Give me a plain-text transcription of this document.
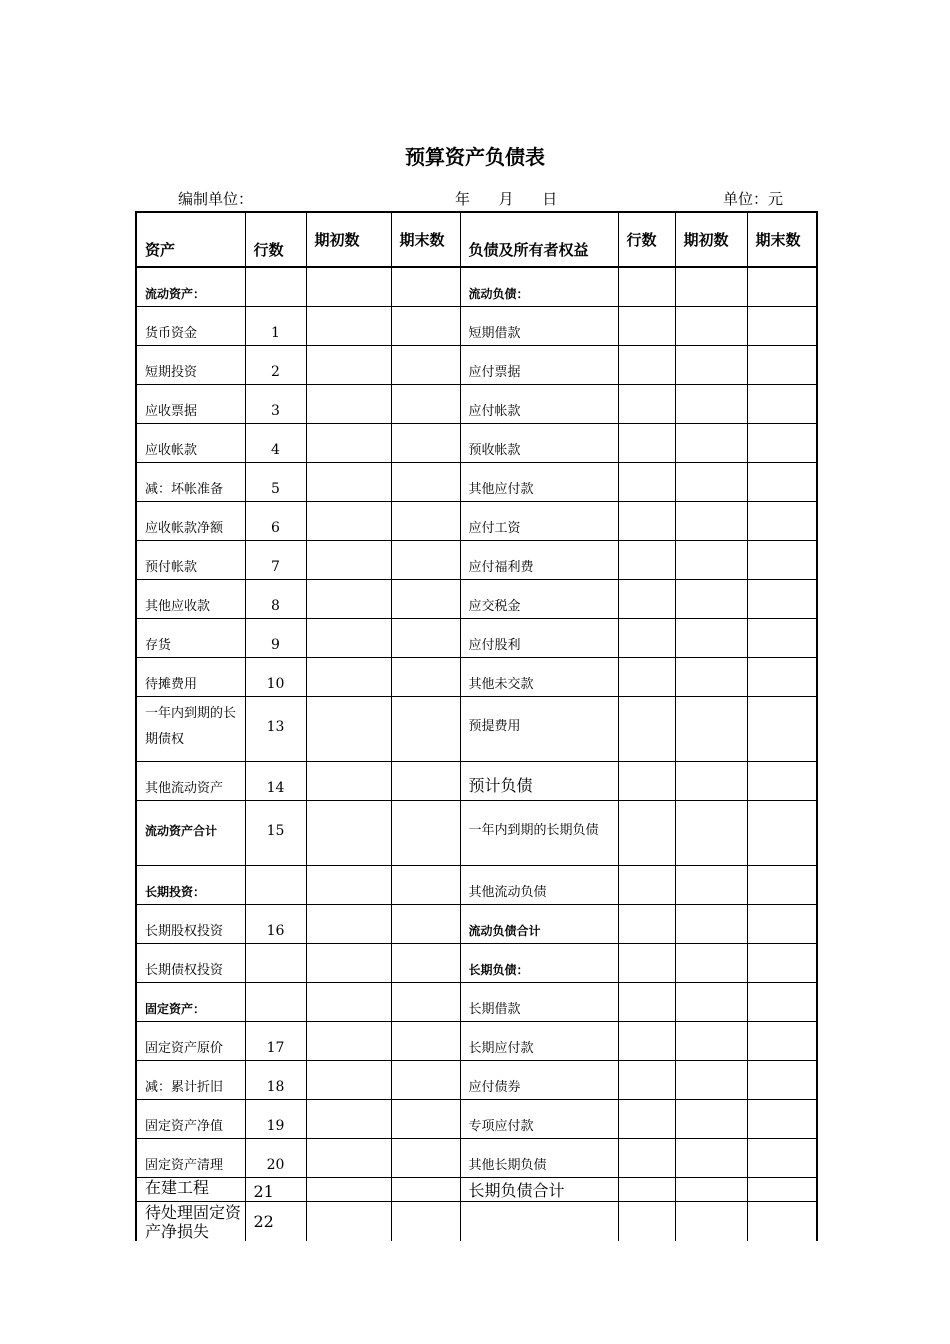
预算资产负债表
编制单位：	年      月      日	单位：元
资产	行数	期初数	期末数	负债及所有者权益	行数	期初数	期末数
流动资产：				流动负债：			
货币资金	1			短期借款			
短期投资	2			应付票据			
应收票据	3			应付帐款			
应收帐款	4			预收帐款			
减：坏帐准备	5			其他应付款			
应收帐款净额	6			应付工资			
预付帐款	7			应付福利费			
其他应收款	8			应交税金			
存货	9			应付股利			
待摊费用	10			其他未交款			
一年内到期的长期债权	13			预提费用			
其他流动资产	14			预计负债			
流动资产合计	15			一年内到期的长期负债			
长期投资：				其他流动负债			
长期股权投资	16			流动负债合计			
长期债权投资				长期负债：			
固定资产：				长期借款			
固定资产原价	17			长期应付款			
减：累计折旧	18			应付债券			
固定资产净值	19			专项应付款			
固定资产清理	20			其他长期负债			
在建工程	21			长期负债合计			
待处理固定资产净损失	22						
